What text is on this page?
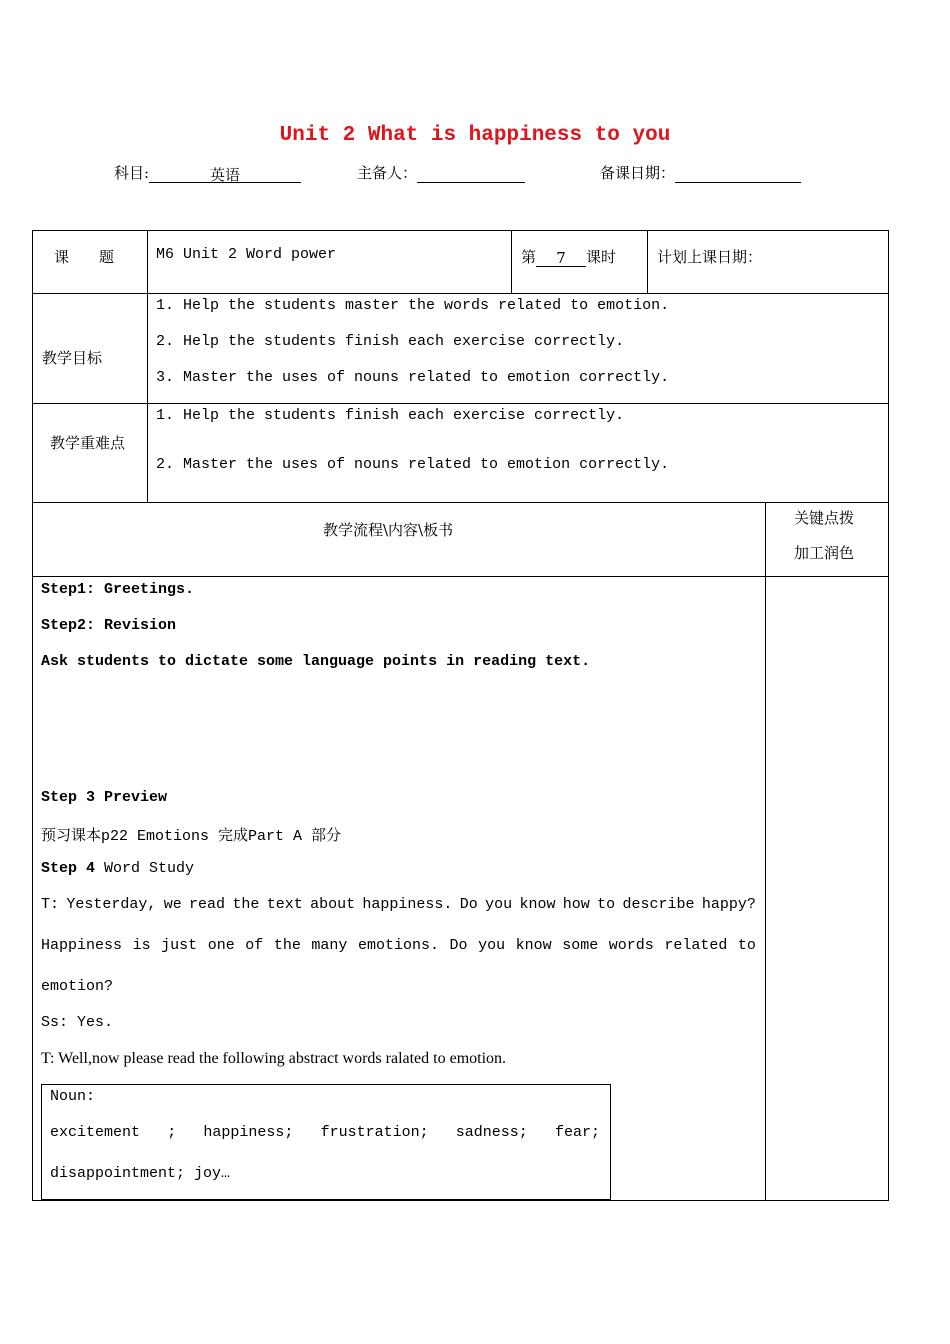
Unit 2 What is happiness to you
科目:	英语	主备人：	备课日期：
课　　题	M6 Unit 2 Word power	第 7 课时	计划上课日期：
教学目标
1. Help the students master the words related to emotion.
2. Help the students finish each exercise correctly.
3. Master the uses of nouns related to emotion correctly.
教学重难点
1. Help the students finish each exercise correctly.
2. Master the uses of nouns related to emotion correctly.
教学流程\内容\板书
关键点拨
加工润色
Step1: Greetings.
Step2: Revision
Ask students to dictate some language points in reading text.
Step 3 Preview
预习课本p22 Emotions 完成Part A 部分
Step 4 Word Study
T: Yesterday, we read the text about happiness. Do you know how to describe happy?
Happiness is just one of the many emotions. Do you know some words related to
emotion?
Ss: Yes.
T: Well,now please read the following abstract words ralated to emotion.
Noun:
excitement ; happiness; frustration; sadness; fear;
disappointment; joy…
